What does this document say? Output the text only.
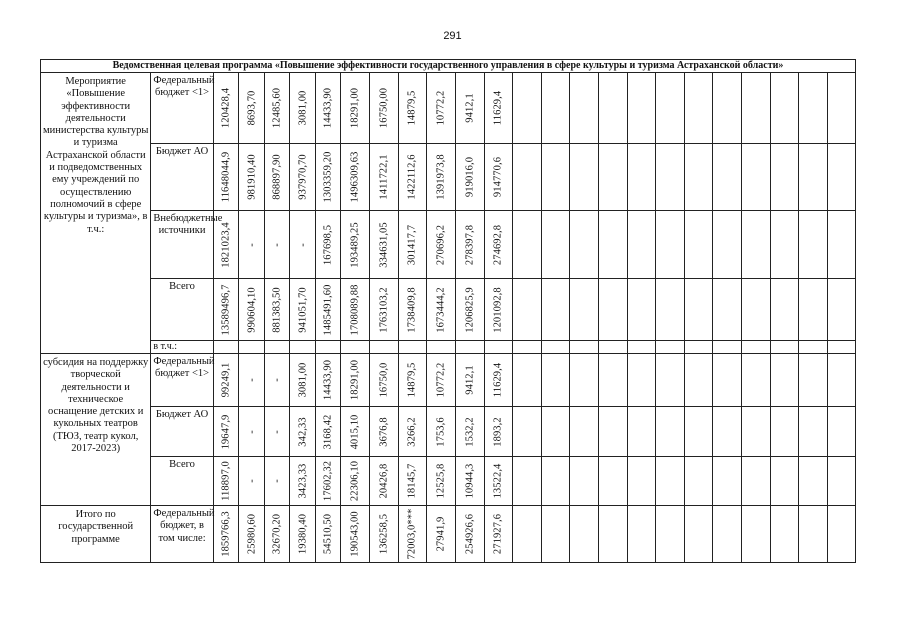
291
Ведомственная целевая программа «Повышение эффективности государственного управления в сфере культуры и туризма Астраханской области»																								
Мероприятие «Повышение эффективности деятельности министерства культуры и туризма Астраханской области и подведомственных ему учреждений по осуществлению полномочий в сфере культуры и туризма», в т.ч.:	Федеральный бюджет <1>	120428,4	8693,70	12485,60	3081,00	14433,90	18291,00	16750,00	14879,5	10772,2	9412,1	11629,4												

	Бюджет АО	11648044,9	981910,40	868897,90	937970,70	1303359,20	1496309,63	1411722,1	1422112,6	1391973,8	919016,0	914770,6												

	Внебюджетные источники	1821023,4	-	-	-	167698,5	193489,25	334631,05	301417,7	270696,2	278397,8	274692,8												

	Всего	13589496,7	990604,10	881383,50	941051,70	1485491,60	1708089,88	1763103,2	1738409,8	1673444,2	1206825,9	1201092,8												

	в т.ч.:																							
субсидия на поддержку творческой деятельности и техническое оснащение детских и кукольных театров (ТЮЗ, театр кукол, 2017-2023)	Федеральный бюджет <1>	99249,1	-	-	3081,00	14433,90	18291,00	16750,0	14879,5	10772,2	9412,1	11629,4												

	Бюджет АО	19647,9	-	-	342,33	3168,42	4015,10	3676,8	3266,2	1753,6	1532,2	1893,2												

	Всего	118897,0	-	-	3423,33	17602,32	22306,10	20426,8	18145,7	12525,8	10944,3	13522,4												

Итого по государственной программе	Федеральный бюджет, в том числе:	1859766,3	25980,60	32670,20	19380,40	54510,50	190543,00	136258,5	72003,0***	27941,9	254926,6	271927,6												
